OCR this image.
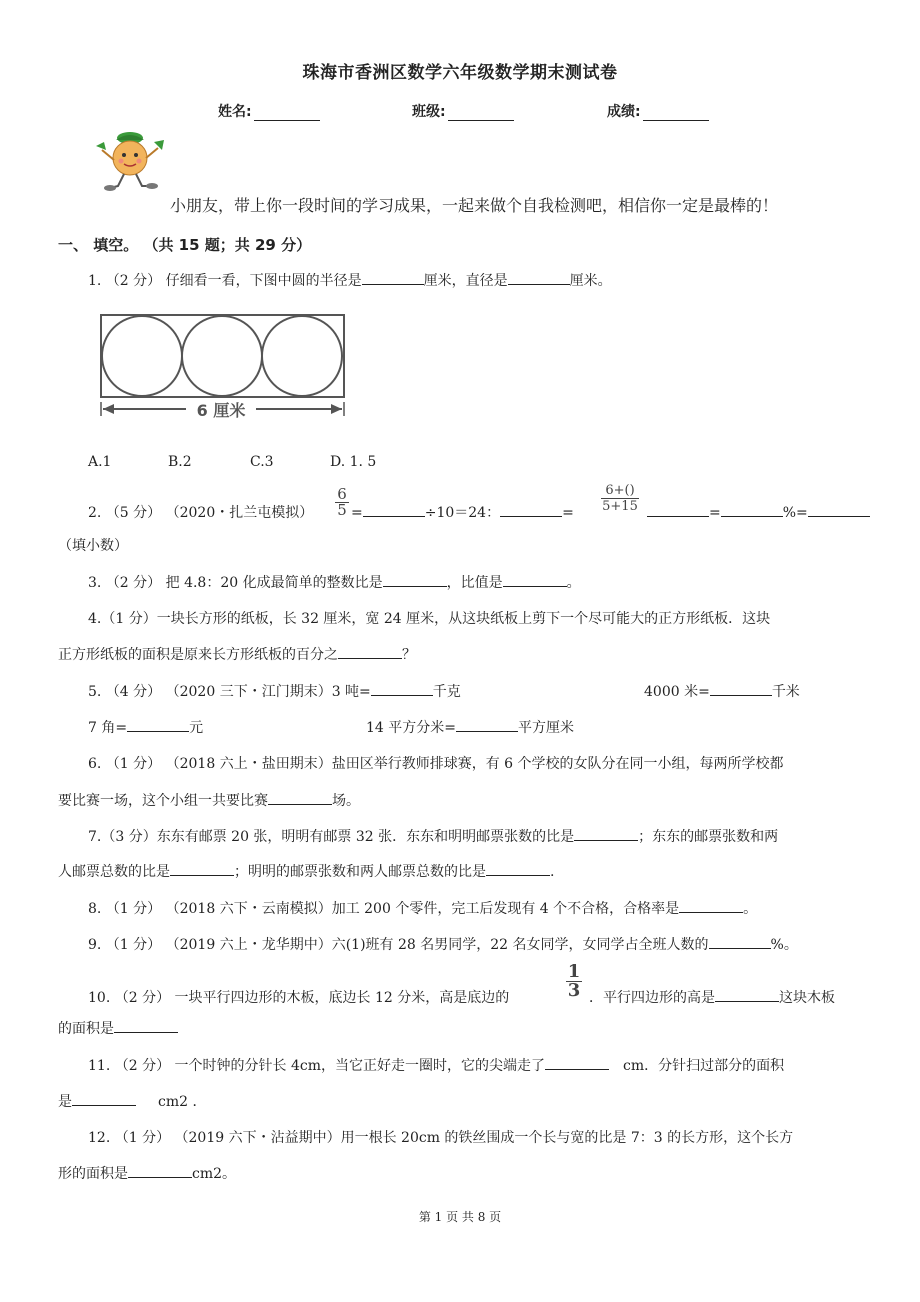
珠海市香洲区数学六年级数学期末测试卷
姓名:	班级:	成绩:
小朋友，带上你一段时间的学习成果，一起来做个自我检测吧，相信你一定是最棒的！
一、 填空。 （共 15 题；共 29 分）
1. （2 分） 仔细看一看，下图中圆的半径是	厘米，直径是	厘米。
6 厘米
A.1	B.2	C.3	D. 1. 5
$\frac{6}{5}$	$\frac{6+()}{5+15}$
2. （5 分） （2020・扎兰屯模拟）	=	÷10＝24：	=	=	%=
（填小数）
3. （2 分） 把 4.8：20 化成最简单的整数比是	，比值是	。
4.（1 分）一块长方形的纸板，长 32 厘米，宽 24 厘米，从这块纸板上剪下一个尽可能大的正方形纸板．这块
正方形纸板的面积是原来长方形纸板的百分之	？
5. （4 分） （2020 三下・江门期末）3 吨=	千克	4000 米=	千米
7 角=	元	14 平方分米=	平方厘米
6. （1 分） （2018 六上・盐田期末）盐田区举行教师排球赛，有 6 个学校的女队分在同一小组，每两所学校都
要比赛一场，这个小组一共要比赛	场。
7.（3 分）东东有邮票 20 张，明明有邮票 32 张．东东和明明邮票张数的比是	；东东的邮票张数和两
人邮票总数的比是	；明明的邮票张数和两人邮票总数的比是	.
8. （1 分） （2018 六下・云南模拟）加工 200 个零件，完工后发现有 4 个不合格，合格率是	。
9. （1 分） （2019 六上・龙华期中）六(1)班有 28 名男同学，22 名女同学，女同学占全班人数的	%。
$\frac{1}{3}$
10. （2 分） 一块平行四边形的木板，底边长 12 分米，高是底边的	．平行四边形的高是	这块木板
的面积是
11. （2 分） 一个时钟的分针长 4cm，当它正好走一圈时，它的尖端走了	cm．分针扫过部分的面积
是	cm2 ．
12. （1 分） （2019 六下・沾益期中）用一根长 20cm 的铁丝围成一个长与宽的比是 7：3 的长方形，这个长方
形的面积是	cm2。
第 1 页 共 8 页
